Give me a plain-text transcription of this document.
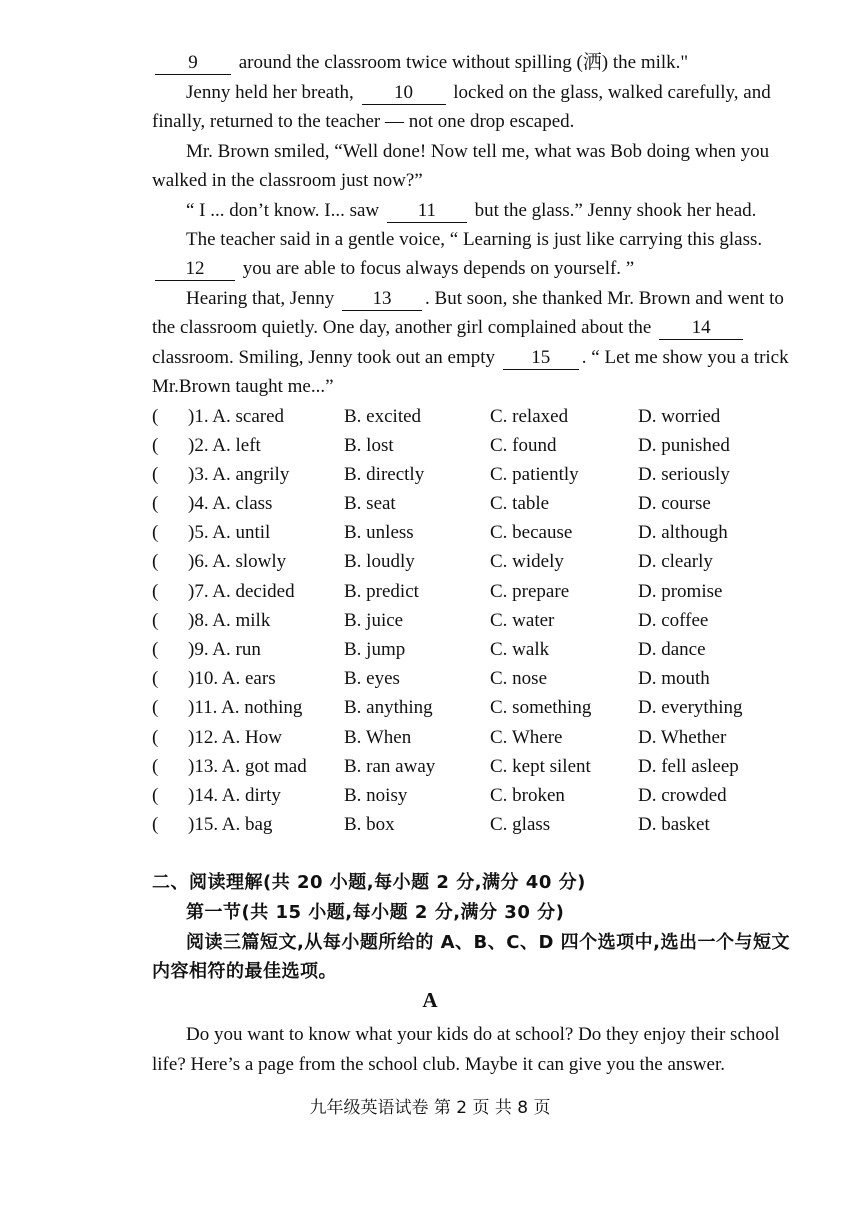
9 around the classroom twice without spilling (洒) the milk."
Jenny held her breath, 10 locked on the glass, walked carefully, and
finally, returned to the teacher — not one drop escaped.
Mr. Brown smiled, “Well done! Now tell me, what was Bob doing when you
walked in the classroom just now?”
“ I ... don’t know. I... saw 11 but the glass.” Jenny shook her head.
The teacher said in a gentle voice, “ Learning is just like carrying this glass.
12 you are able to focus always depends on yourself. ”
Hearing that, Jenny 13 . But soon, she thanked Mr. Brown and went to
the classroom quietly. One day, another girl complained about the 14
classroom. Smiling, Jenny took out an empty 15 . “ Let me show you a trick
Mr.Brown taught me...”
( )1. A. scared	B. excited	C. relaxed	D. worried
( )2. A. left	B. lost	C. found	D. punished
( )3. A. angrily	B. directly	C. patiently	D. seriously
( )4. A. class	B. seat	C. table	D. course
( )5. A. until	B. unless	C. because	D. although
( )6. A. slowly	B. loudly	C. widely	D. clearly
( )7. A. decided	B. predict	C. prepare	D. promise
( )8. A. milk	B. juice	C. water	D. coffee
( )9. A. run	B. jump	C. walk	D. dance
( )10. A. ears	B. eyes	C. nose	D. mouth
( )11. A. nothing B. anything	C. something D. everything
( )12. A. How	B. When	C. Where	D. Whether
( )13. A. got mad B. ran away	C. kept silent D. fell asleep
( )14. A. dirty	B. noisy	C. broken	D. crowded
( )15. A. bag	B. box	C. glass	D. basket
二、阅读理解(共 20 小题,每小题 2 分,满分 40 分)
第一节(共 15 小题,每小题 2 分,满分 30 分)
阅读三篇短文,从每小题所给的 A、B、C、D 四个选项中,选出一个与短文
内容相符的最佳选项。
A
Do you want to know what your kids do at school? Do they enjoy their school
life? Here’s a page from the school club. Maybe it can give you the answer.
九年级英语试卷 第 2 页 共 8 页
